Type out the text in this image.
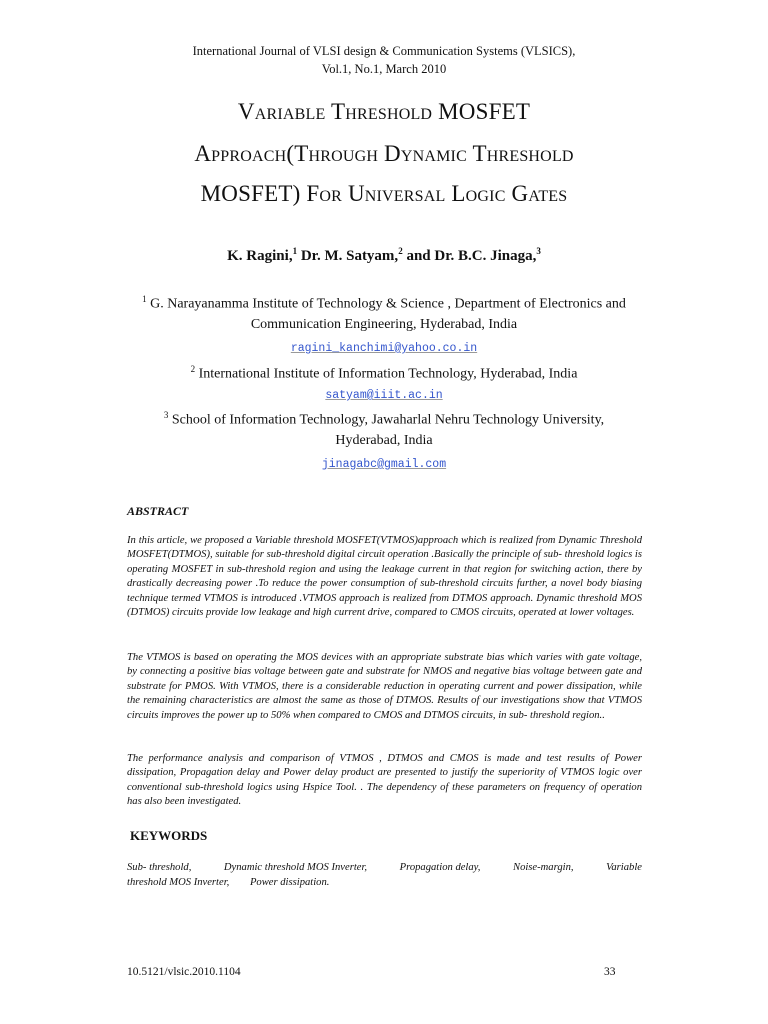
International Journal of VLSI design & Communication Systems (VLSICS),
Vol.1, No.1, March 2010
Variable Threshold MOSFET
Approach(Through Dynamic Threshold
MOSFET) For Universal Logic Gates
K. Ragini,$^1$ Dr. M. Satyam,$^2$ and Dr. B.C. Jinaga,$^3$
$^1$ G. Narayanamma Institute of Technology & Science , Department of Electronics and
Communication Engineering, Hyderabad, India
ragini_kanchimi@yahoo.co.in
$^2$ International Institute of Information Technology, Hyderabad, India
satyam@iiit.ac.in
$^3$ School of Information Technology, Jawaharlal Nehru Technology University,
Hyderabad, India
jinagabc@gmail.com
ABSTRACT
In this article, we proposed a Variable threshold MOSFET(VTMOS)approach which is realized from Dynamic Threshold MOSFET(DTMOS), suitable for sub-threshold digital circuit operation .Basically the principle of sub- threshold logics is operating MOSFET in sub-threshold region and using the leakage current in that region for switching action, there by drastically decreasing power .To reduce the power consumption of sub-threshold circuits further, a novel body biasing technique termed VTMOS is introduced .VTMOS approach is realized from DTMOS approach. Dynamic threshold MOS (DTMOS) circuits provide low leakage and high current drive, compared to CMOS circuits, operated at lower voltages.
The VTMOS is based on operating the MOS devices with an appropriate substrate bias which varies with gate voltage, by connecting a positive bias voltage between gate and substrate for NMOS and negative bias voltage between gate and substrate for PMOS. With VTMOS, there is a considerable reduction in operating current and power dissipation, while the remaining characteristics are almost the same as those of DTMOS. Results of our investigations show that VTMOS circuits improves the power up to 50% when compared to CMOS and DTMOS circuits, in sub- threshold region..
The performance analysis and comparison of VTMOS , DTMOS and CMOS is made and test results of Power dissipation, Propagation delay and Power delay product are presented to justify the superiority of VTMOS logic over conventional sub-threshold logics using Hspice Tool. . The dependency of these parameters on frequency of operation has also been investigated.
KEYWORDS
Sub- threshold,	Dynamic threshold MOS Inverter,	Propagation delay,	Noise-margin,	Variable
threshold MOS Inverter, Power dissipation.
10.5121/vlsic.2010.1104	33
